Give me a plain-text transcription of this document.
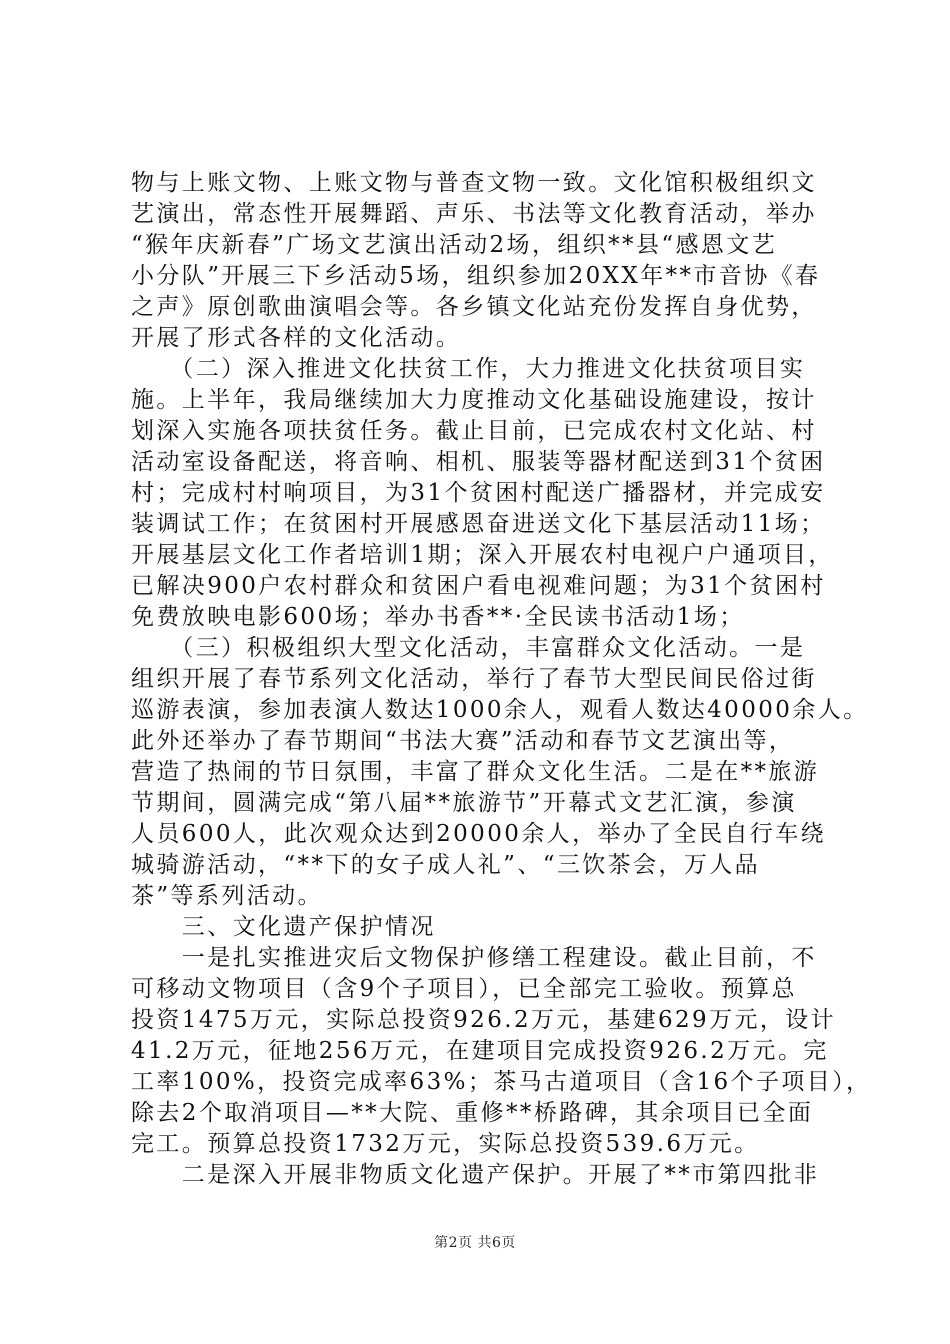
物与上账文物、上账文物与普查文物一致。文化馆积极组织文
艺演出，常态性开展舞蹈、声乐、书法等文化教育活动，举办
“猴年庆新春”广场文艺演出活动2场，组织**县“感恩文艺
小分队”开展三下乡活动5场，组织参加20XX年**市音协《春
之声》原创歌曲演唱会等。各乡镇文化站充份发挥自身优势，
开展了形式各样的文化活动。
　　（二）深入推进文化扶贫工作，大力推进文化扶贫项目实
施。上半年，我局继续加大力度推动文化基础设施建设，按计
划深入实施各项扶贫任务。截止目前，已完成农村文化站、村
活动室设备配送，将音响、相机、服装等器材配送到31个贫困
村；完成村村响项目，为31个贫困村配送广播器材，并完成安
装调试工作；在贫困村开展感恩奋进送文化下基层活动11场；
开展基层文化工作者培训1期；深入开展农村电视户户通项目，
已解决900户农村群众和贫困户看电视难问题；为31个贫困村
免费放映电影600场；举办书香**·全民读书活动1场；
　　（三）积极组织大型文化活动，丰富群众文化活动。一是
组织开展了春节系列文化活动，举行了春节大型民间民俗过街
巡游表演，参加表演人数达1000余人，观看人数达40000余人。
此外还举办了春节期间“书法大赛”活动和春节文艺演出等，
营造了热闹的节日氛围，丰富了群众文化生活。二是在**旅游
节期间，圆满完成“第八届**旅游节”开幕式文艺汇演，参演
人员600人，此次观众达到20000余人，举办了全民自行车绕
城骑游活动，“**下的女子成人礼”、“三饮茶会，万人品
茶”等系列活动。
　　三、文化遗产保护情况
　　一是扎实推进灾后文物保护修缮工程建设。截止目前，不
可移动文物项目（含9个子项目），已全部完工验收。预算总
投资1475万元，实际总投资926.2万元，基建629万元，设计
41.2万元，征地256万元，在建项目完成投资926.2万元。完
工率100%，投资完成率63%；茶马古道项目（含16个子项目），
除去2个取消项目—**大院、重修**桥路碑，其余项目已全面
完工。预算总投资1732万元，实际总投资539.6万元。
　　二是深入开展非物质文化遗产保护。开展了**市第四批非
第2页 共6页
